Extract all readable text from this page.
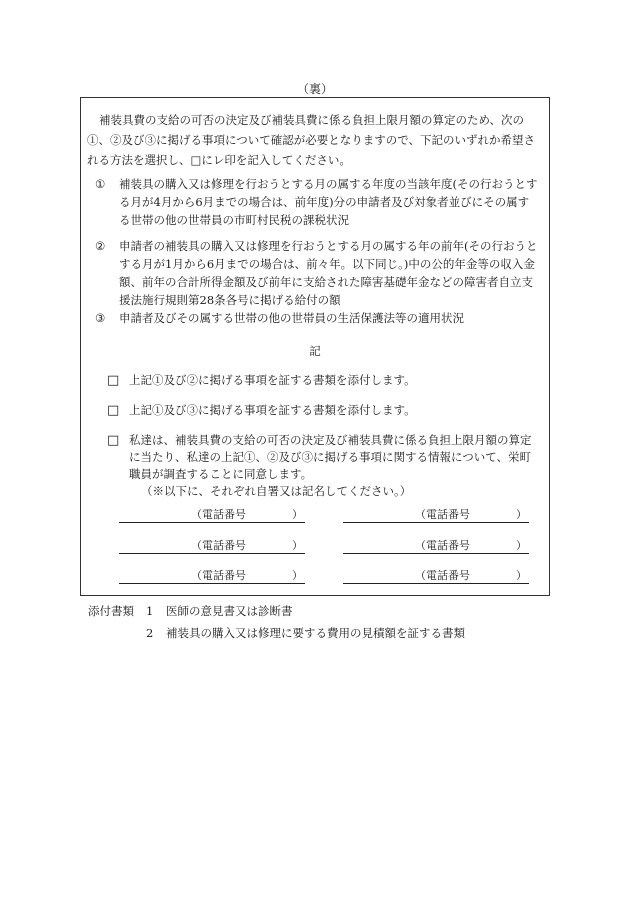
（裏）

補装具費の支給の可否の決定及び補装具費に係る負担上限月額の算定のため、次の①、②及び③に掲げる事項について確認が必要となりますので、下記のいずれか希望される方法を選択し、□にレ印を記入してください。

①	補装具の購入又は修理を行おうとする月の属する年度の当該年度(その行おうとする月が4月から6月までの場合は、前年度)分の申請者及び対象者並びにその属する世帯の他の世帯員の市町村民税の課税状況
②	申請者の補装具の購入又は修理を行おうとする月の属する年の前年(その行おうとする月が1月から6月までの場合は、前々年。以下同じ。)中の公的年金等の収入金額、前年の合計所得金額及び前年に支給された障害基礎年金などの障害者自立支援法施行規則第28条各号に掲げる給付の額
③	申請者及びその属する世帯の他の世帯員の生活保護法等の適用状況
記
□ 上記①及び②に掲げる事項を証する書類を添付します。
□ 上記①及び③に掲げる事項を証する書類を添付します。
□ 私達は、補装具費の支給の可否の決定及び補装具費に係る負担上限月額の算定に当たり、私達の上記①、②及び③に掲げる事項に関する情報について、栄町職員が調査することに同意します。
（※以下に、それぞれ自署又は記名してください。）
（電話番号	）	（電話番号	）
（電話番号	）	（電話番号	）
（電話番号	）	（電話番号	）
添付書類	1	医師の意見書又は診断書
2	補装具の購入又は修理に要する費用の見積額を証する書類
